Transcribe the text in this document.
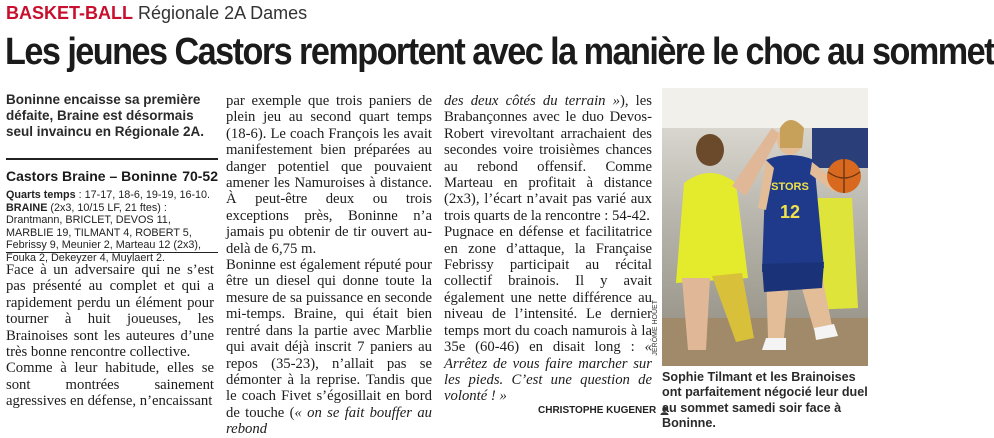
BASKET-BALL Régionale 2A Dames
Les jeunes Castors remportent avec la manière le choc au sommet
Boninne encaisse sa première défaite, Braine est désormais seul invaincu en Régionale 2A.
Castors Braine – Boninne 70-52
Quarts temps : 17-17, 18-6, 19-19, 16-10.
BRAINE (2x3, 10/15 LF, 21 ftes) : Drantmann, BRICLET, DEVOS 11, MARBLIE 19, TILMANT 4, ROBERT 5, Febrissy 9, Meunier 2, Marteau 12 (2x3), Fouka 2, Dekeyzer 4, Muylaert 2.

Face à un adversaire qui ne s’est pas présenté au complet et qui a rapidement perdu un élément pour tourner à huit joueuses, les Brainoises sont les auteures d’une très bonne rencontre collective.

Comme à leur habitude, elles se sont montrées sainement agressives en défense, n’encaissant

par exemple que trois paniers de plein jeu au second quart temps (18-6). Le coach François les avait manifestement bien préparées au danger potentiel que pouvaient amener les Namuroises à distance. À peut-être deux ou trois exceptions près, Boninne n’a jamais pu obtenir de tir ouvert au-delà de 6,75 m.

Boninne est également réputé pour être un diesel qui donne toute la mesure de sa puissance en seconde mi-temps. Braine, qui était bien rentré dans la partie avec Marblie qui avait déjà inscrit 7 paniers au repos (35-23), n’allait pas se démonter à la reprise. Tandis que le coach Fivet s’égosillait en bord de touche (« on se fait bouffer au rebond

des deux côtés du terrain »), les Brabançonnes avec le duo Devos-Robert virevoltant arrachaient des secondes voire troisièmes chances au rebond offensif. Comme Marteau en profitait à distance (2x3), l’écart n’avait pas varié aux trois quarts de la rencontre : 54-42.

Pugnace en défense et facilitatrice en zone d’attaque, la Française Febrissy participait au récital collectif brainois. Il y avait également une nette différence au niveau de l’intensité. Le dernier temps mort du coach namurois à la 35e (60-46) en disait long : « Arrêtez de vous faire marcher sur les pieds. C’est une question de volonté ! »

CHRISTOPHE KUGENER
STORS
12
JÉRÔME HOUET
Sophie Tilmant et les Brainoises ont parfaitement négocié leur duel au sommet samedi soir face à Boninne.
